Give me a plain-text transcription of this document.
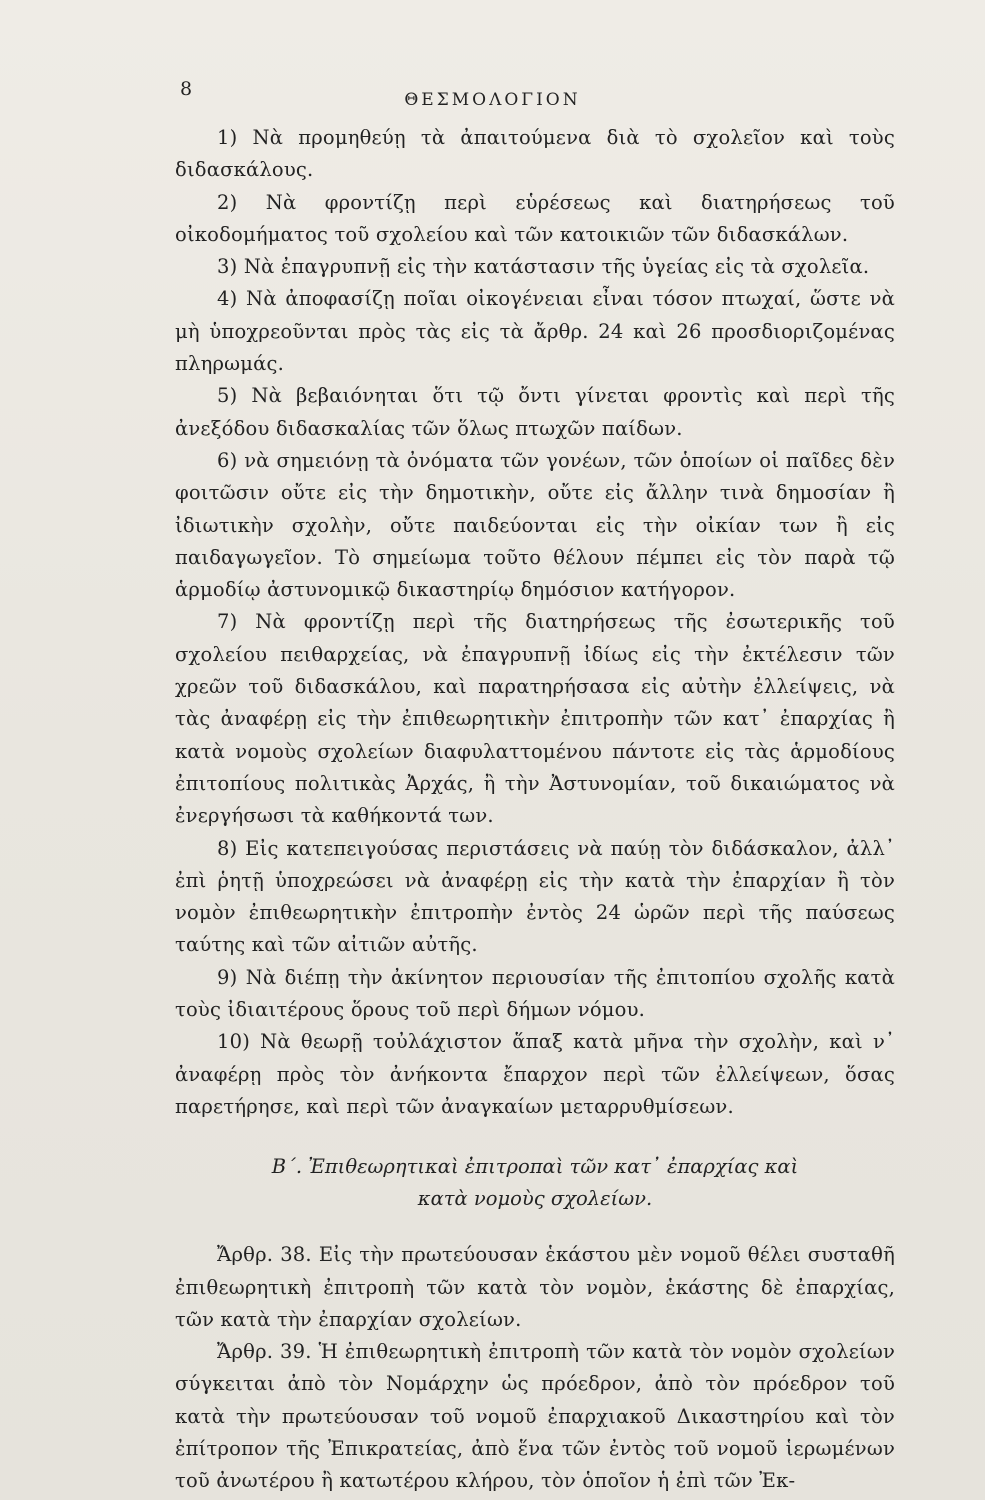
8	ΘΕΣΜΟΛΟΓΙΟΝ

1) Νὰ προμηθεύῃ τὰ ἀπαιτούμενα διὰ τὸ σχολεῖον καὶ τοὺς διδασκάλους.

2) Νὰ φροντίζῃ περὶ εὑρέσεως καὶ διατηρήσεως τοῦ οἰκοδομήματος τοῦ σχολείου καὶ τῶν κατοικιῶν τῶν διδασκάλων.

3) Νὰ ἐπαγρυπνῇ εἰς τὴν κατάστασιν τῆς ὑγείας εἰς τὰ σχολεῖα.

4) Νὰ ἀποφασίζῃ ποῖαι οἰκογένειαι εἶναι τόσον πτωχαί, ὥστε νὰ μὴ ὑποχρεοῦνται πρὸς τὰς εἰς τὰ ἄρθρ. 24 καὶ 26 προσδιοριζομένας πληρωμάς.

5) Νὰ βεβαιόνηται ὅτι τῷ ὄντι γίνεται φροντὶς καὶ περὶ τῆς ἀνεξόδου διδασκαλίας τῶν ὅλως πτωχῶν παίδων.

6) νὰ σημειόνῃ τὰ ὀνόματα τῶν γονέων, τῶν ὁποίων οἱ παῖδες δὲν φοιτῶσιν οὔτε εἰς τὴν δημοτικὴν, οὔτε εἰς ἄλλην τινὰ δημοσίαν ἢ ἰδιωτικὴν σχολὴν, οὔτε παιδεύονται εἰς τὴν οἰκίαν των ἢ εἰς παιδαγωγεῖον. Τὸ σημείωμα τοῦτο θέλουν πέμπει εἰς τὸν παρὰ τῷ ἁρμοδίῳ ἀστυνομικῷ δικαστηρίῳ δημόσιον κατήγορον.

7) Νὰ φροντίζῃ περὶ τῆς διατηρήσεως τῆς ἐσωτερικῆς τοῦ σχολείου πειθαρχείας, νὰ ἐπαγρυπνῇ ἰδίως εἰς τὴν ἐκτέλεσιν τῶν χρεῶν τοῦ διδασκάλου, καὶ παρατηρήσασα εἰς αὐτὴν ἐλλείψεις, νὰ τὰς ἀναφέρῃ εἰς τὴν ἐπιθεωρητικὴν ἐπιτροπὴν τῶν κατ᾽ ἐπαρχίας ἢ κατὰ νομοὺς σχολείων διαφυλαττομένου πάντοτε εἰς τὰς ἁρμοδίους ἐπιτοπίους πολιτικὰς Ἀρχάς, ἢ τὴν Ἀστυνομίαν, τοῦ δικαιώματος νὰ ἐνεργήσωσι τὰ καθήκοντά των.

8) Εἰς κατεπειγούσας περιστάσεις νὰ παύῃ τὸν διδάσκαλον, ἀλλ᾽ ἐπὶ ῥητῇ ὑποχρεώσει νὰ ἀναφέρῃ εἰς τὴν κατὰ τὴν ἐπαρχίαν ἢ τὸν νομὸν ἐπιθεωρητικὴν ἐπιτροπὴν ἐντὸς 24 ὡρῶν περὶ τῆς παύσεως ταύτης καὶ τῶν αἰτιῶν αὐτῆς.

9) Νὰ διέπῃ τὴν ἀκίνητον περιουσίαν τῆς ἐπιτοπίου σχολῆς κατὰ τοὺς ἰδιαιτέρους ὅρους τοῦ περὶ δήμων νόμου.

10) Νὰ θεωρῇ τοὐλάχιστον ἅπαξ κατὰ μῆνα τὴν σχολὴν, καὶ ν᾽ ἀναφέρῃ πρὸς τὸν ἀνήκοντα ἔπαρχον περὶ τῶν ἐλλείψεων, ὅσας παρετήρησε, καὶ περὶ τῶν ἀναγκαίων μεταρρυθμίσεων.

Β΄. Ἐπιθεωρητικαὶ ἐπιτροπαὶ τῶν κατ᾽ ἐπαρχίας καὶ
κατὰ νομοὺς σχολείων.

Ἄρθρ. 38. Εἰς τὴν πρωτεύουσαν ἑκάστου μὲν νομοῦ θέλει συσταθῆ ἐπιθεωρητικὴ ἐπιτροπὴ τῶν κατὰ τὸν νομὸν, ἑκάστης δὲ ἐπαρχίας, τῶν κατὰ τὴν ἐπαρχίαν σχολείων.

Ἄρθρ. 39. Ἡ ἐπιθεωρητικὴ ἐπιτροπὴ τῶν κατὰ τὸν νομὸν σχολείων σύγκειται ἀπὸ τὸν Νομάρχην ὡς πρόεδρον, ἀπὸ τὸν πρόεδρον τοῦ κατὰ τὴν πρωτεύουσαν τοῦ νομοῦ ἐπαρχιακοῦ Δικαστηρίου καὶ τὸν ἐπίτροπον τῆς Ἐπικρατείας, ἀπὸ ἕνα τῶν ἐντὸς τοῦ νομοῦ ἱερωμένων τοῦ ἀνωτέρου ἢ κατωτέρου κλήρου, τὸν ὁποῖον ἡ ἐπὶ τῶν Ἐκ-
